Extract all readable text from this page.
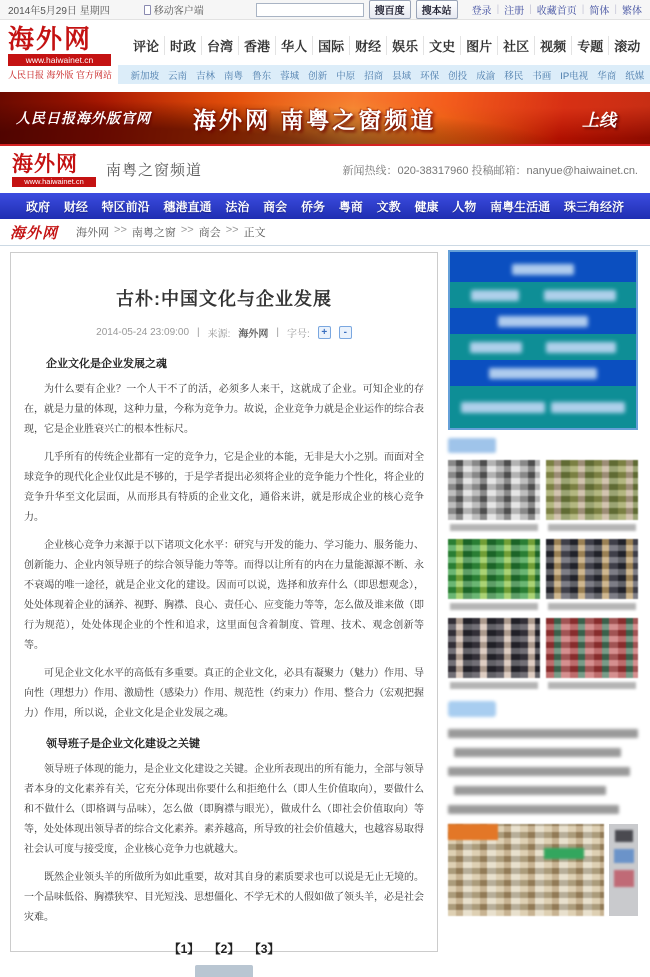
2014年5月29日 星期四	移动客户端	搜百度	搜本站	登录 | 注册 | 收藏首页 | 简体 | 繁体
海外网
www.haiwainet.cn
人民日报 海外版 官方网站
评论 时政 台湾 香港 华人 国际 财经 娱乐 文史 图片 社区 视频 专题 滚动
新加坡 云南 吉林 南粤 鲁东 蓉城 创新 中原 招商 县域 环保 创投 成渝 移民 书画 IP电视 华商 纸媒
人民日报海外版官网 海外网 南粤之窗频道	上线
海外网
www.haiwainet.cn
南粤之窗频道	新闻热线：020-38317960 投稿邮箱：nanyue@haiwainet.cn.
政府 财经 特区前沿 穗港直通 法治 商会 侨务 粤商 文教 健康 人物 南粤生活通 珠三角经济
海外网 海外网 >> 南粤之窗 >> 商会 >> 正文
古朴:中国文化与企业发展
2014-05-24 23:09:00 | 来源: 海外网 | 字号:	+	-
企业文化是企业发展之魂

为什么要有企业？一个人干不了的活，必须多人来干，这就成了企业。可知企业的存在，就是力量的体现，这种力量，今称为竞争力。故说，企业竞争力就是企业运作的综合表现，它是企业胜衰兴亡的根本性标尺。

几乎所有的传统企业都有一定的竞争力，它是企业的本能，无非是大小之别。而面对全球竞争的现代化企业仅此是不够的，于是学者提出必须将企业的竞争能力个性化，将企业的竞争升华至文化层面，从而形具有特质的企业文化，通俗来讲，就是形成企业的核心竞争力。

企业核心竞争力来源于以下诸项文化水平：研究与开发的能力、学习能力、服务能力、创新能力、企业内领导班子的综合领导能力等等。而得以让所有的内在力量能源源不断、永不衰竭的唯一途径，就是企业文化的建设。因而可以说，选择和放弃什么（即思想观念），处处体现着企业的涵养、视野、胸襟、良心、责任心、应变能力等等，怎么做及谁来做（即行为规范），处处体现企业的个性和追求，这里面包含着制度、管理、技术、观念创新等等。

可见企业文化水平的高低有多重要。真正的企业文化，必具有凝聚力（魅力）作用、导向性（理想力）作用、激励性（感染力）作用、规范性（约束力）作用、整合力（宏观把握力）作用，所以说，企业文化是企业发展之魂。

领导班子是企业文化建设之关键

领导班子体现的能力，是企业文化建设之关键。企业所表现出的所有能力，全部与领导者本身的文化素养有关，它充分体现出你要什么和拒绝什么（即人生价值取向），要做什么和不做什么（即格调与品味），怎么做（即胸襟与眼光），做成什么（即社会价值取向）等等，处处体现出领导者的综合文化素养。素养越高，所导致的社会价值越大，也越容易取得社会认可度与接受度，企业核心竞争力也就越大。

既然企业领头羊的所做所为如此重要，故对其自身的素质要求也可以说是无止无境的。一个品味低俗、胸襟狭窄、目光短浅、思想僵化、不学无术的人假如做了领头羊，必是社会灾难。

【1】 【2】 【3】
